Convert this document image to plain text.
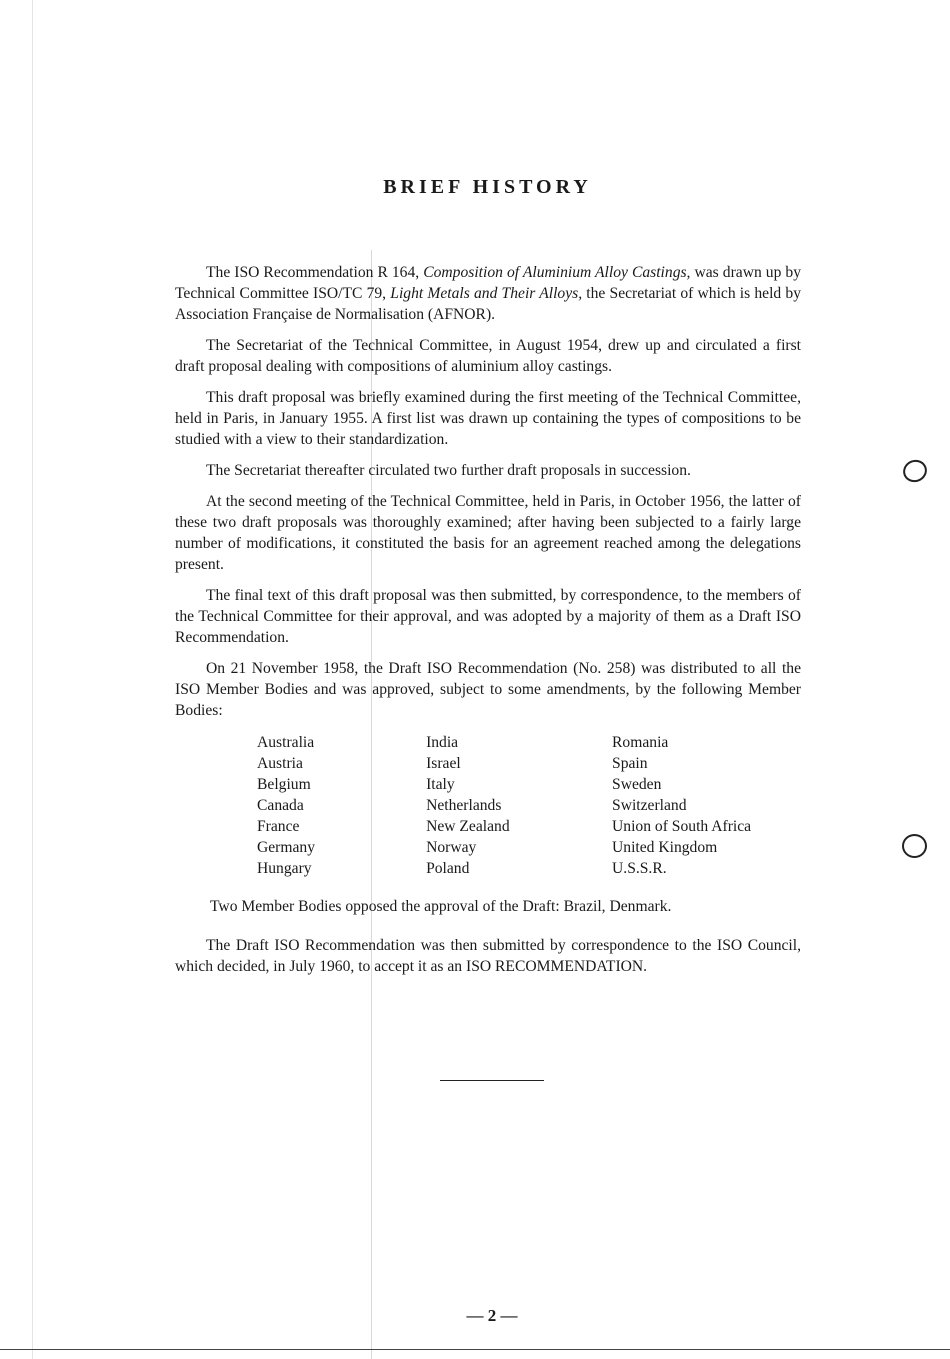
BRIEF HISTORY

The ISO Recommendation R 164, Composition of Aluminium Alloy Castings, was drawn up by Technical Committee ISO/TC 79, Light Metals and Their Alloys, the Secretariat of which is held by Association Française de Normalisation (AFNOR).

The Secretariat of the Technical Committee, in August 1954, drew up and circulated a first draft proposal dealing with compositions of aluminium alloy castings.

This draft proposal was briefly examined during the first meeting of the Technical Committee, held in Paris, in January 1955. A first list was drawn up containing the types of compositions to be studied with a view to their standardization.

The Secretariat thereafter circulated two further draft proposals in succession.

At the second meeting of the Technical Committee, held in Paris, in October 1956, the latter of these two draft proposals was thoroughly examined; after having been subjected to a fairly large number of modifications, it constituted the basis for an agreement reached among the delegations present.

The final text of this draft proposal was then submitted, by correspondence, to the members of the Technical Committee for their approval, and was adopted by a majority of them as a Draft ISO Recommendation.

On 21 November 1958, the Draft ISO Recommendation (No. 258) was distributed to all the ISO Member Bodies and was approved, subject to some amendments, by the following Member Bodies:

Australia
Austria
Belgium
Canada
France
Germany
Hungary
India
Israel
Italy
Netherlands
New Zealand
Norway
Poland
Romania
Spain
Sweden
Switzerland
Union of South Africa
United Kingdom
U.S.S.R.

Two Member Bodies opposed the approval of the Draft: Brazil, Denmark.

The Draft ISO Recommendation was then submitted by correspondence to the ISO Council, which decided, in July 1960, to accept it as an ISO RECOMMENDATION.

— 2 —
